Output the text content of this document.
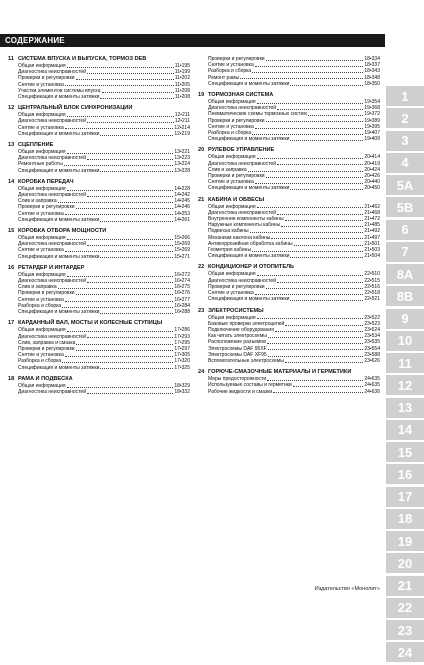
СОДЕРЖАНИЕ
11 СИСТЕМА ВПУСКА И ВЫПУСКА, ТОРМОЗ DEB
Общая информация	11•195
Диагностика неисправностей	11•199
Проверки и регулировки	11•202
Снятие и установка	11•205
Участки элементов системы впуска	11•208
Спецификация и моменты затяжки	11•208
12 ЦЕНТРАЛЬНЫЙ БЛОК СИНХРОНИЗАЦИИ
Общая информация	12•211
Диагностика неисправностей	12•211
Снятие и установка	12•214
Спецификация и моменты затяжки	12•219
13 СЦЕПЛЕНИЕ
Общая информация	13•221
Диагностика неисправностей	13•223
Ремонтные работы	13•224
Спецификация и моменты затяжки	13•228
14 КОРОБКА ПЕРЕДАЧ
Общая информация	14•228
Диагностика неисправностей	14•242
Слив и заправка	14•245
Проверки и регулировки	14•246
Снятие и установка	14•253
Спецификация и моменты затяжки	14•261
15 КОРОБКА ОТБОРА МОЩНОСТИ
Общая информация	15•266
Диагностика неисправностей	15•269
Снятие и установка	15•269
Спецификация и моменты затяжки	15•271
16 РЕТАРДЕР И ИНТАРДЕР
Общая информация	16•272
Диагностика неисправностей	16•274
Слив и заправка	16•275
Проверки и регулировки	16•276
Снятие и установка	16•277
Разборка и сборка	16•284
Спецификация и моменты затяжки	16•288
17 КАРДАННЫЙ ВАЛ, МОСТЫ И КОЛЕСНЫЕ СТУПИЦЫ
Общая информация	17•286
Диагностика неисправностей	17•293
Слив, заправка и смазка	17•295
Проверки и регулировки	17•297
Снятие и установка	17•305
Разборка и сборка	17•320
Спецификация и моменты затяжки	17•325
18 РАМА И ПОДВЕСКА
Общая информация	18•329
Диагностика неисправностей	18•332
Проверки и регулировки	18•334
Снятие и установка	18•337
Разборка и сборка	18•343
Ремонт рамы	18•348
Спецификация и моменты затяжки	18•350
19 ТОРМОЗНАЯ СИСТЕМА
Общая информация	19•354
Диагностика неисправностей	19•368
Пневматические схемы тормозных систем	19•372
Проверки и регулировки	19•389
Снятие и установка	19•395
Разборка и сборка	19•407
Спецификация и моменты затяжки	19•409
20 РУЛЕВОЕ УПРАВЛЕНИЕ
Общая информация	20•414
Диагностика неисправностей	20•419
Слив и заправка	20•424
Проверки и регулировки	20•426
Снятие и установка	20•440
Спецификация и моменты затяжки	20•450
21 КАБИНА И ОБВЕСЫ
Общая информация	21•462
Диагностика неисправностей	21•468
Внутренние компоненты кабины	21•472
Наружные компоненты кабины	21•485
Подвеска кабины	21•492
Механизм наклона кабины	21•497
Антикоррозийная обработка кабины	21•501
Геометрия кабины	21•503
Спецификация и моменты затяжки	21•504
22 КОНДИЦИОНЕР И ОТОПИТЕЛЬ
Общая информация	22•510
Диагностика неисправностей	22•515
Проверки и регулировки	22•516
Снятие и установка	22•518
Спецификация и моменты затяжки	22•521
23 ЭЛЕКТРОСИСТЕМЫ
Общая информация	23•522
Базовые проверки электроцепей	23•523
Подключение оборудования	23•524
Как читать электросхемы	23•534
Расположение разъемов	23•535
Электросхемы DAF 95XF	23•554
Электросхемы DAF XF95	23•588
Вспомогательные электросхемы	23•626
24 ГОРЮЧЕ-СМАЗОЧНЫЕ МАТЕРИАЛЫ И ГЕРМЕТИКИ
Меры предосторожности	24•635
Используемые составы и герметики	24•635
Рабочие жидкости и смазки	24•636
1
2
3
4
5A
5B
6
7
8A
8B
9
10
11
12
13
14
15
16
17
18
19
20
21
22
23
24
Издательство «Монолит»
